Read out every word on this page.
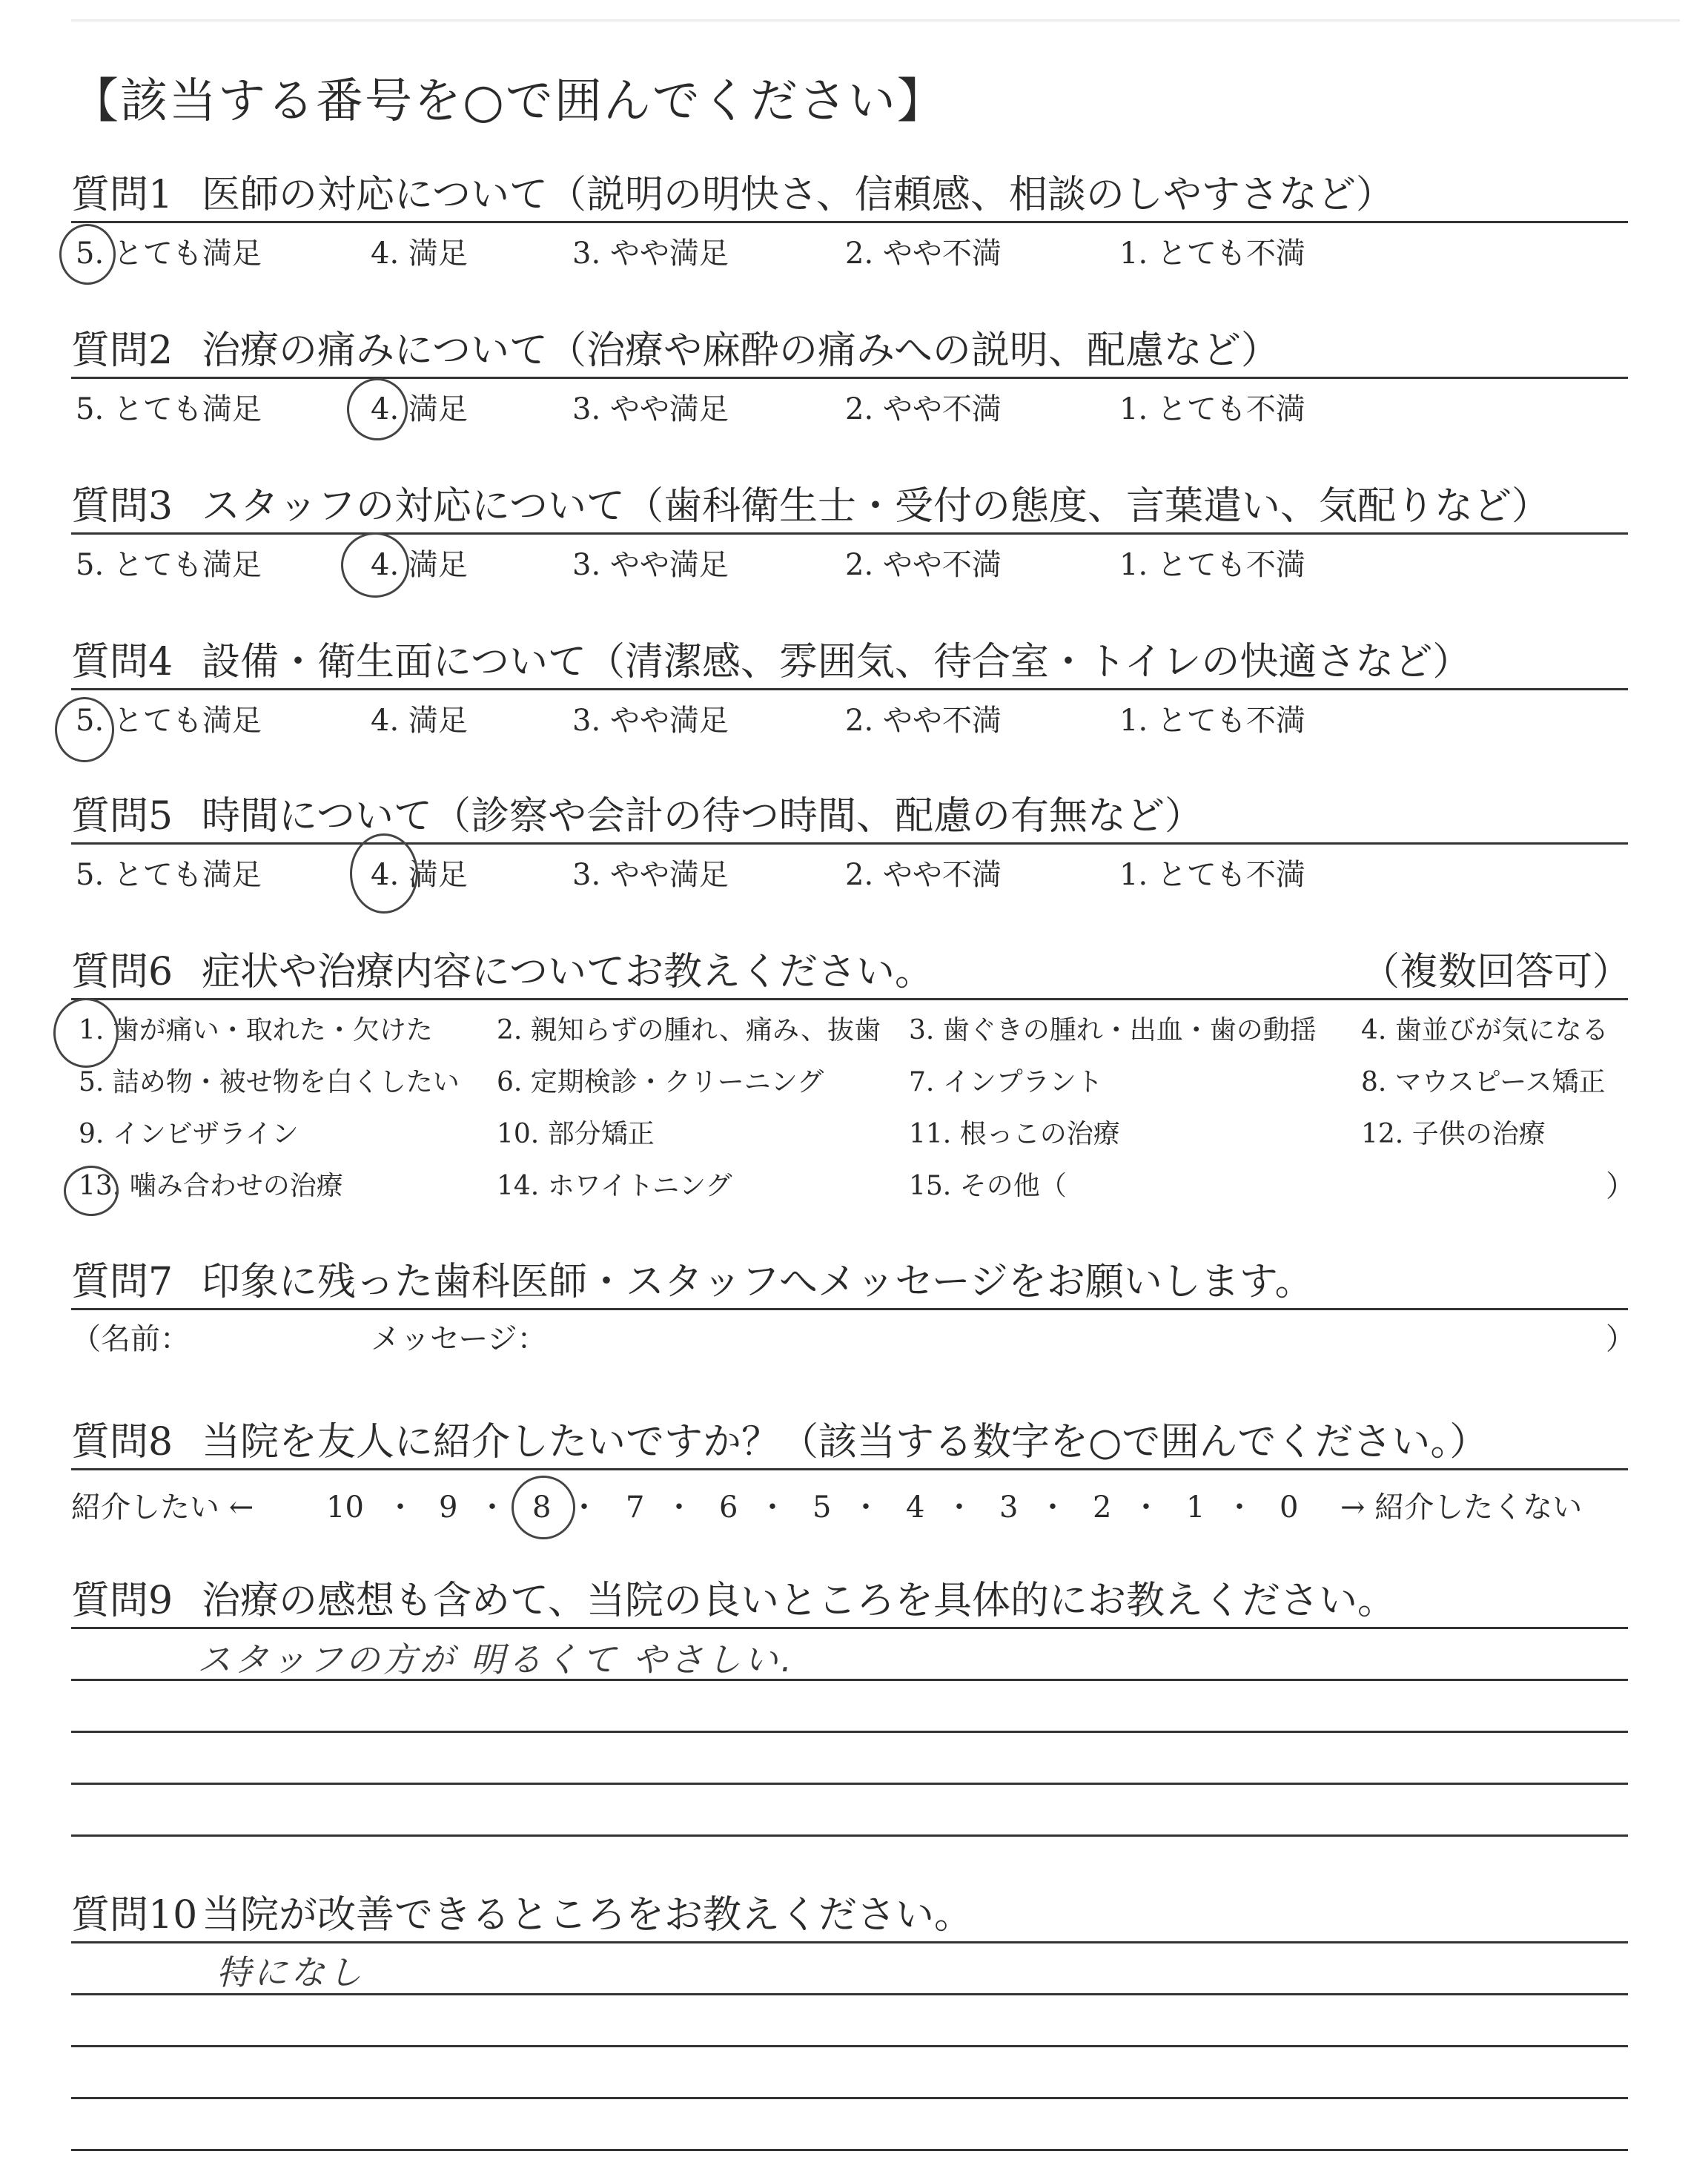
【該当する番号を○で囲んでください】
質問1 医師の対応について（説明の明快さ、信頼感、相談のしやすさなど）
5. とても満足	4. 満足	3. やや満足	2. やや不満	1. とても不満
質問2 治療の痛みについて（治療や麻酔の痛みへの説明、配慮など）
5. とても満足	4. 満足	3. やや満足	2. やや不満	1. とても不満
質問3 スタッフの対応について（歯科衛生士・受付の態度、言葉遣い、気配りなど）
5. とても満足	4. 満足	3. やや満足	2. やや不満	1. とても不満
質問4 設備・衛生面について（清潔感、雰囲気、待合室・トイレの快適さなど）
5. とても満足	4. 満足	3. やや満足	2. やや不満	1. とても不満
質問5 時間について（診察や会計の待つ時間、配慮の有無など）
5. とても満足	4. 満足	3. やや満足	2. やや不満	1. とても不満
質問6 症状や治療内容についてお教えください。	（複数回答可）
1. 歯が痛い・取れた・欠けた 2. 親知らずの腫れ、痛み、抜歯 3. 歯ぐきの腫れ・出血・歯の動揺 4. 歯並びが気になる
5. 詰め物・被せ物を白くしたい 6. 定期検診・クリーニング	7. インプラント	8. マウスピース矯正
9. インビザライン	10. 部分矯正	11. 根っこの治療	12. 子供の治療
13. 噛み合わせの治療	14. ホワイトニング	15. その他（	）
質問7 印象に残った歯科医師・スタッフへメッセージをお願いします。
（名前：	メッセージ：	）
質問8 当院を友人に紹介したいですか？（該当する数字を○で囲んでください。）
紹介したい ← 10 ・ 9 ・ 8 ・ 7 ・ 6 ・ 5 ・ 4 ・ 3 ・ 2 ・ 1 ・ 0 → 紹介したくない
質問9 治療の感想も含めて、当院の良いところを具体的にお教えください。
スタッフの方が 明るくて やさしい.
質問10 当院が改善できるところをお教えください。
特になし
